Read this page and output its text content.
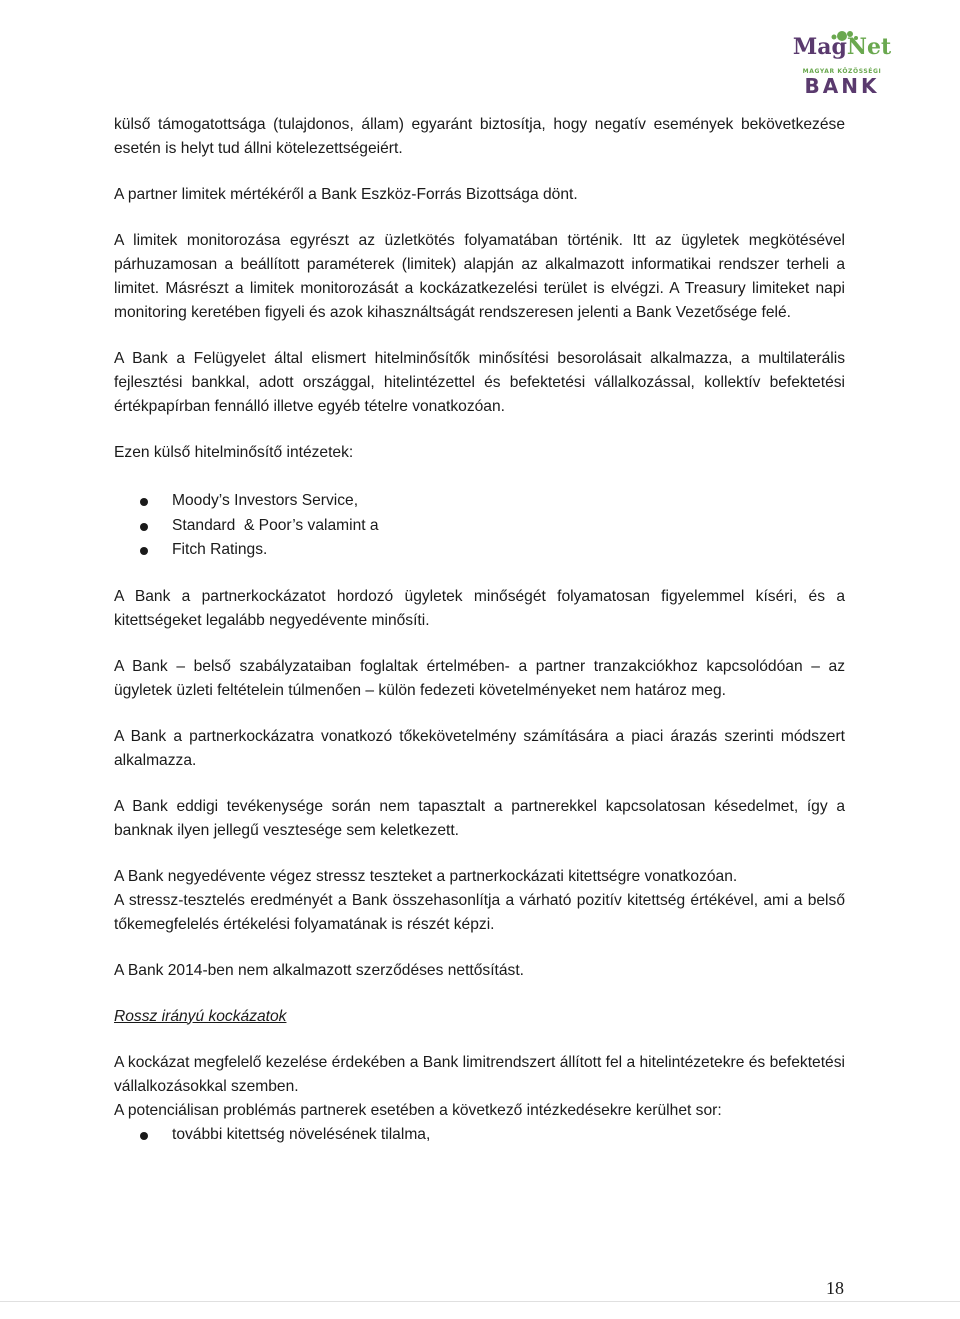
MagNet
MAGYAR KÖZÖSSÉGI
BANK

külső támogatottsága (tulajdonos, állam) egyaránt biztosítja, hogy negatív események bekövetkezése esetén is helyt tud állni kötelezettségeiért.

A partner limitek mértékéről a Bank Eszköz-Forrás Bizottsága dönt.

A limitek monitorozása egyrészt az üzletkötés folyamatában történik. Itt az ügyletek megkötésével párhuzamosan a beállított paraméterek (limitek) alapján az alkalmazott informatikai rendszer terheli a limitet. Másrészt a limitek monitorozását a kockázatkezelési terület is elvégzi. A Treasury limiteket napi monitoring keretében figyeli és azok kihasználtságát rendszeresen jelenti a Bank Vezetősége felé.

A Bank a Felügyelet által elismert hitelminősítők minősítési besorolásait alkalmazza, a multilaterális fejlesztési bankkal, adott országgal, hitelintézettel és befektetési vállalkozással, kollektív befektetési értékpapírban fennálló illetve egyéb tételre vonatkozóan.

Ezen külső hitelminősítő intézetek:

Moody’s Investors Service,
Standard  & Poor’s valamint a
Fitch Ratings.

A Bank a partnerkockázatot hordozó ügyletek minőségét folyamatosan figyelemmel kíséri, és a kitettségeket legalább negyedévente minősíti.

A Bank – belső szabályzataiban foglaltak értelmében- a partner tranzakciókhoz kapcsolódóan – az ügyletek üzleti feltételein túlmenően – külön fedezeti követelményeket nem határoz meg.

A Bank a partnerkockázatra vonatkozó tőkekövetelmény számítására a piaci árazás szerinti módszert alkalmazza.

A Bank eddigi tevékenysége során nem tapasztalt a partnerekkel kapcsolatosan késedelmet, így a banknak ilyen jellegű vesztesége sem keletkezett.

A Bank negyedévente végez stressz teszteket a partnerkockázati kitettségre vonatkozóan.

A stressz-tesztelés eredményét a Bank összehasonlítja a várható pozitív kitettség értékével, ami a belső tőkemegfelelés értékelési folyamatának is részét képzi.

A Bank 2014-ben nem alkalmazott szerződéses nettősítást.

Rossz irányú kockázatok

A kockázat megfelelő kezelése érdekében a Bank limitrendszert állított fel a hitelintézetekre és befektetési vállalkozásokkal szemben.

A potenciálisan problémás partnerek esetében a következő intézkedésekre kerülhet sor:

további kitettség növelésének tilalma,
18
